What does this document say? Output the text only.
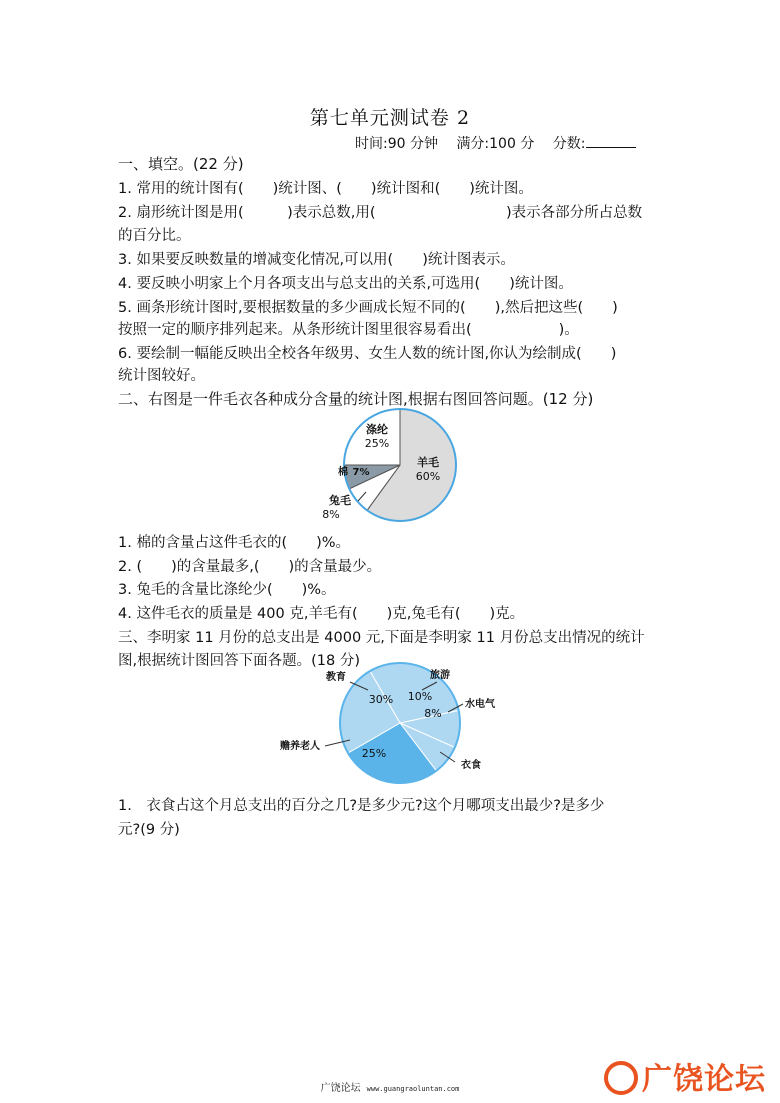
第七单元测试卷 2
时间:90 分钟 满分:100 分 分数:
一、填空。(22 分)
1. 常用的统计图有(　　)统计图、(　　)统计图和(　　)统计图。
2. 扇形统计图是用(　　　)表示总数,用(　　　　　　　　　)表示各部分所占总数
的百分比。
3. 如果要反映数量的增减变化情况,可以用(　　)统计图表示。
4. 要反映小明家上个月各项支出与总支出的关系,可选用(　　)统计图。
5. 画条形统计图时,要根据数量的多少画成长短不同的(　　),然后把这些(　　)
按照一定的顺序排列起来。从条形统计图里很容易看出(　　　　　　)。
6. 要绘制一幅能反映出全校各年级男、女生人数的统计图,你认为绘制成(　　)
统计图较好。
二、右图是一件毛衣各种成分含量的统计图,根据右图回答问题。(12 分)
羊毛
60%
兔毛
8%
棉 7%
涤纶
25%
1. 棉的含量占这件毛衣的(　　)%。
2. (　　)的含量最多,(　　)的含量最少。
3. 兔毛的含量比涤纶少(　　)%。
4. 这件毛衣的质量是 400 克,羊毛有(　　)克,兔毛有(　　)克。
三、李明家 11 月份的总支出是 4000 元,下面是李明家 11 月份总支出情况的统计
图,根据统计图回答下面各题。(18 分)
教育
30%
旅游
10%
水电气
8%
衣食
赡养老人
25%
1.　衣食占这个月总支出的百分之几?是多少元?这个月哪项支出最少?是多少
元?(9 分)
广饶论坛
广饶论坛 www.guangraoluntan.com
